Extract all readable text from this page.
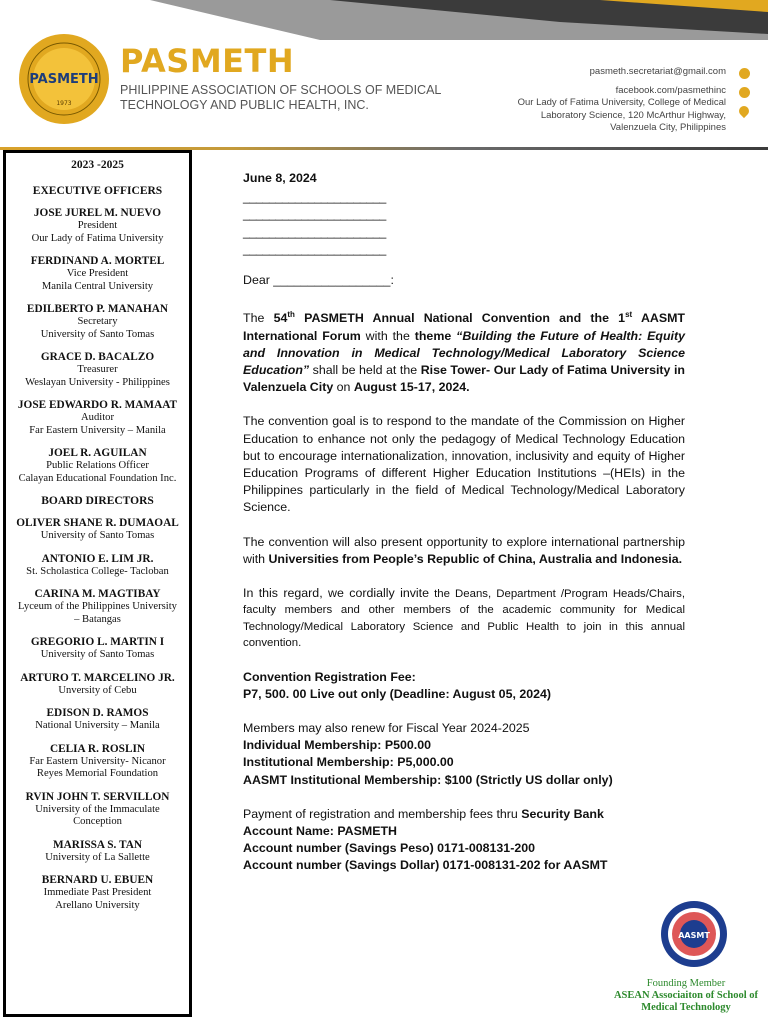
PASMETH
1973
PASMETH
PHILIPPINE ASSOCIATION OF SCHOOLS OF MEDICAL TECHNOLOGY AND PUBLIC HEALTH, INC.
pasmeth.secretariat@gmail.com
facebook.com/pasmethinc
Our Lady of Fatima University, College of Medical
Laboratory Science, 120 McArthur Highway,
Valenzuela City, Philippines
2023 -2025
EXECUTIVE OFFICERS
JOSE JUREL M. NUEVO
President
Our Lady of Fatima University
FERDINAND A. MORTEL
Vice President
Manila Central University
EDILBERTO P. MANAHAN
Secretary
University of Santo Tomas
GRACE D. BACALZO
Treasurer
Weslayan University - Philippines
JOSE EDWARDO R. MAMAAT
Auditor
Far Eastern University – Manila
JOEL R. AGUILAN
Public Relations Officer
Calayan Educational Foundation Inc.
BOARD DIRECTORS
OLIVER SHANE R. DUMAOAL
University of Santo Tomas
ANTONIO E. LIM JR.
St. Scholastica College- Tacloban
CARINA M. MAGTIBAY
Lyceum of the Philippines University
– Batangas
GREGORIO L. MARTIN I
University of Santo Tomas
ARTURO T. MARCELINO JR.
Unversity of Cebu
EDISON D. RAMOS
National University – Manila
CELIA R. ROSLIN
Far Eastern University- Nicanor
Reyes Memorial Foundation
RVIN JOHN T. SERVILLON
University of the Immaculate
Conception
MARISSA S. TAN
University of La Sallette
BERNARD U. EBUEN
Immediate Past President
Arellano University

June 8, 2024

______________________

______________________

______________________

______________________

Dear _________________:

The 54th PASMETH Annual National Convention and the 1st AASMT International Forum with the theme “Building the Future of Health: Equity and Innovation in Medical Technology/Medical Laboratory Science Education” shall be held at the Rise Tower- Our Lady of Fatima University in Valenzuela City on August 15-17, 2024.

The convention goal is to respond to the mandate of the Commission on Higher Education to enhance not only the pedagogy of Medical Technology Education but to encourage internationalization, innovation, inclusivity and equity of Higher Education Programs of different Higher Education Institutions –(HEIs) in the Philippines particularly in the field of Medical Technology/Medical Laboratory Science.

The convention will also present opportunity to explore international partnership with Universities from People’s Republic of China, Australia and Indonesia.

In this regard, we cordially invite the Deans, Department /Program Heads/Chairs, faculty members and other members of the academic community for Medical Technology/Medical Laboratory Science and Public Health to join in this annual convention.

Convention Registration Fee:

P7, 500. 00 Live out only (Deadline: August 05, 2024)

Members may also renew for Fiscal Year 2024-2025

Individual Membership: P500.00

Institutional Membership: P5,000.00

AASMT Institutional Membership: $100 (Strictly US dollar only)

Payment of registration and membership fees thru Security Bank

Account Name: PASMETH

Account number (Savings Peso) 0171-008131-200

Account number (Savings Dollar) 0171-008131-202 for AASMT

AASMT
Founding Member
ASEAN Associaiton of School of Medical Technology
